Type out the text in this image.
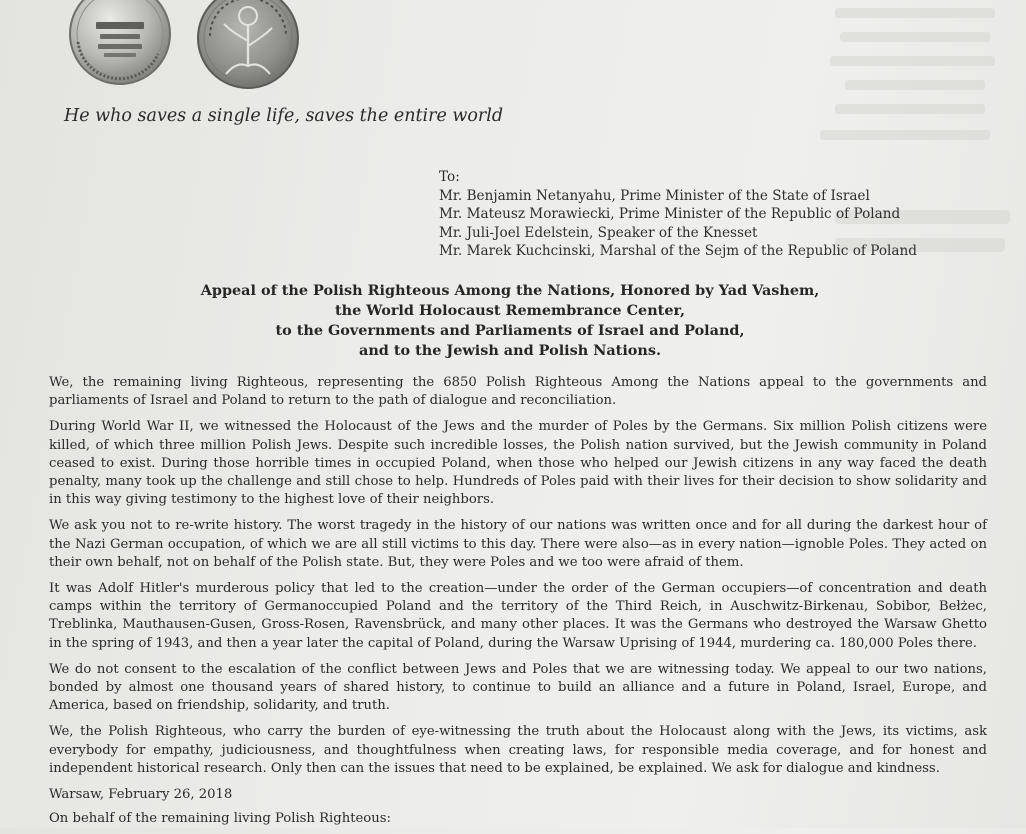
He who saves a single life, saves the entire world
To:
Mr. Benjamin Netanyahu, Prime Minister of the State of Israel
Mr. Mateusz Morawiecki, Prime Minister of the Republic of Poland
Mr. Juli-Joel Edelstein, Speaker of the Knesset
Mr. Marek Kuchcinski, Marshal of the Sejm of the Republic of Poland
Appeal of the Polish Righteous Among the Nations, Honored by Yad Vashem,
the World Holocaust Remembrance Center,
to the Governments and Parliaments of Israel and Poland,
and to the Jewish and Polish Nations.

We, the remaining living Righteous, representing the 6850 Polish Righteous Among the Nations appeal to the governments and parliaments of Israel and Poland to return to the path of dialogue and reconciliation.

During World War II, we witnessed the Holocaust of the Jews and the murder of Poles by the Germans. Six million Polish citizens were killed, of which three million Polish Jews. Despite such incredible losses, the Polish nation survived, but the Jewish community in Poland ceased to exist. During those horrible times in occupied Poland, when those who helped our Jewish citizens in any way faced the death penalty, many took up the challenge and still chose to help. Hundreds of Poles paid with their lives for their decision to show solidarity and in this way giving testimony to the highest love of their neighbors.

We ask you not to re-write history. The worst tragedy in the history of our nations was written once and for all during the darkest hour of the Nazi German occupation, of which we are all still victims to this day. There were also—as in every nation—ignoble Poles. They acted on their own behalf, not on behalf of the Polish state. But, they were Poles and we too were afraid of them.

It was Adolf Hitler's murderous policy that led to the creation—under the order of the German occupiers—of concentration and death camps within the territory of Germanoccupied Poland and the territory of the Third Reich, in Auschwitz-Birkenau, Sobibor, Bełżec, Treblinka, Mauthausen-Gusen, Gross-Rosen, Ravensbrück, and many other places. It was the Germans who destroyed the Warsaw Ghetto in the spring of 1943, and then a year later the capital of Poland, during the Warsaw Uprising of 1944, murdering ca. 180,000 Poles there.

We do not consent to the escalation of the conflict between Jews and Poles that we are witnessing today. We appeal to our two nations, bonded by almost one thousand years of shared history, to continue to build an alliance and a future in Poland, Israel, Europe, and America, based on friendship, solidarity, and truth.

We, the Polish Righteous, who carry the burden of eye-witnessing the truth about the Holocaust along with the Jews, its victims, ask everybody for empathy, judiciousness, and thoughtfulness when creating laws, for responsible media coverage, and for honest and independent historical research. Only then can the issues that need to be explained, be explained. We ask for dialogue and kindness.

Warsaw, February 26, 2018

On behalf of the remaining living Polish Righteous:
